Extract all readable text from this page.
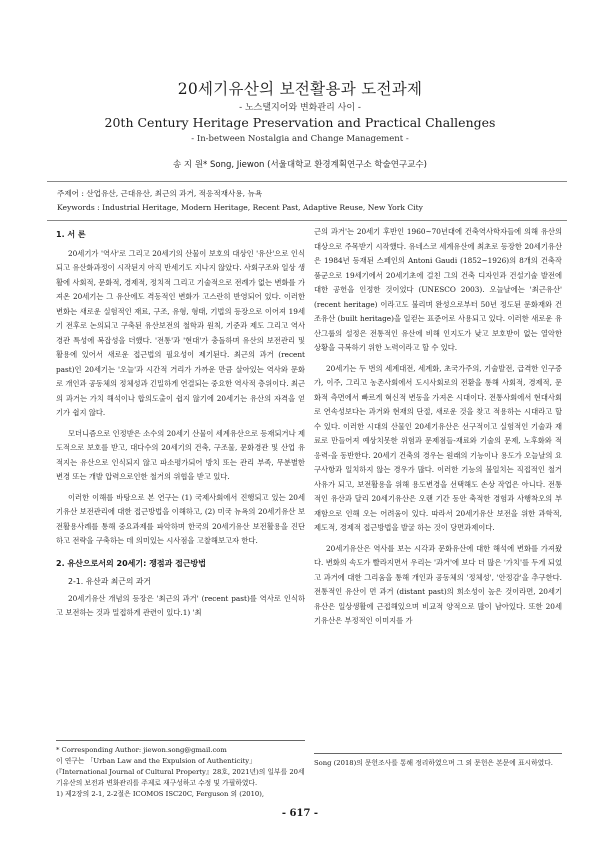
20세기유산의 보전활용과 도전과제
- 노스탤지어와 변화관리 사이 -
20th Century Heritage Preservation and Practical Challenges
- In-between Nostalgia and Change Management -
송 지 원* Song, Jiewon (서울대학교 환경계획연구소 학술연구교수)
주제어 : 산업유산, 근대유산, 최근의 과거, 적응적재사용, 뉴욕
Keywords : Industrial Heritage, Modern Heritage, Recent Past, Adaptive Reuse, New York City
1. 서 론

20세기가 '역사'로 그리고 20세기의 산물이 보호의 대상인 '유산'으로 인식되고 유산화과정이 시작된지 아직 반세기도 지나지 않았다. 사회구조와 일상 생활에 사회적, 문화적, 경제적, 정치적 그리고 기술적으로 전례가 없는 변화를 가져온 20세기는 그 유산에도 격동적인 변화가 고스란히 반영되어 있다. 이러한 변화는 새로운 실험적인 재료, 구조, 유형, 형태, 기법의 등장으로 이어져 19세기 전후로 논의되고 구축된 유산보전의 철학과 원칙, 기준과 제도 그리고 역사경관 특성에 복잡성을 더했다. '전통'과 '현대'가 충돌하며 유산의 보전관리 및 활용에 있어서 새로운 접근법의 필요성이 제기된다. 최근의 과거 (recent past)인 20세기는 '오늘'과 시간적 거리가 가까운 만큼 살아있는 역사와 문화로 개인과 공동체의 정체성과 긴밀하게 연결되는 중요한 역사적 층위이다. 최근의 과거는 가치 해석이나 합의도출이 쉽지 않기에 20세기는 유산의 자격을 얻기가 쉽지 않다.

모더니즘으로 인정받은 소수의 20세기 산물이 세계유산으로 등재되거나 제도적으로 보호를 받고, 대다수의 20세기의 건축, 구조물, 문화경관 및 산업 유적지는 유산으로 인식되지 않고 파소평가되어 방치 또는 관리 부족, 무분별한 변경 또는 개발 압력으로인한 철거의 위협을 받고 있다.

이러한 이해를 바탕으로 본 연구는 (1) 국제사회에서 진행되고 있는 20세기유산 보전관리에 대한 접근방법을 이해하고, (2) 미국 뉴욕의 20세기유산 보전활용사례를 통해 중요과제를 파악하며 한국의 20세기유산 보전활용을 진단하고 전략을 구축하는 데 의미있는 시사점을 고찰해보고자 한다.

2. 유산으로서의 20세기: 쟁점과 접근방법
2-1. 유산과 최근의 과거

20세기유산 개념의 등장은 '최근의 과거' (recent past)를 역사로 인식하고 보전하는 것과 밀접하게 관련이 있다.1) '최

근의 과거'는 20세기 후반인 1960~70년대에 건축역사학자들에 의해 유산의 대상으로 주목받기 시작했다. 유네스코 세계유산에 최초로 등장한 20세기유산은 1984년 등재된 스페인의 Antoni Gaudi (1852~1926)의 8개의 건축작품군으로 19세기에서 20세기초에 걸친 그의 건축 디자인과 건설기술 발전에 대한 공헌을 인정한 것이었다 (UNESCO 2003). 오늘날에는 '최근유산' (recent heritage) 이라고도 불리며 완성으로부터 50년 정도된 문화재와 건조유산 (built heritage)을 일컫는 표준어로 사용되고 있다. 이러한 새로운 유산그룹의 설정은 전통적인 유산에 비해 인지도가 낮고 보호받이 없는 열악한 상황을 극복하기 위한 노력이라고 할 수 있다.

20세기는 두 번의 세계대전, 세계화, 초국가주의, 기술발전, 급격한 인구증가, 이주, 그리고 농촌사회에서 도시사회로의 전환을 통해 사회적, 경제적, 문화적 측면에서 빠르게 혁신적 변동을 가져온 시대이다. 전통사회에서 현대사회로 연속성보다는 과거와 현재의 단절, 새로운 것을 찾고 적용하는 시대라고 할 수 있다. 이러한 시대의 산물인 20세기유산은 선구적이고 실험적인 기술과 재료로 만들어져 예상치못한 위험과 문제점들-재료와 기술의 문제, 노후화와 적응력-을 동반한다. 20세기 건축의 경우는 원래의 기능이나 용도가 오늘날의 요구사항과 일치하지 않는 경우가 많다. 이러한 기능의 불일치는 직접적인 철거사유가 되고, 보전활용을 위해 용도변경을 선택해도 손상 작업은 아니다. 전통적인 유산과 달리 20세기유산은 오랜 기간 동안 축적한 경험과 사행착오의 부재함으로 인해 오는 어려움이 있다. 따라서 20세기유산 보전을 위한 과학적, 제도적, 경제적 접근방법을 발굴 하는 것이 당면과제이다.

20세기유산은 역사를 보는 시각과 문화유산에 대한 해석에 변화를 가져왔다. 변화의 속도가 빨라지면서 우리는 '과거'에 보다 더 많은 '가치'를 두게 되었고 과거에 대한 그리움을 통해 개인과 공동체의 '정체성', '안정감'을 추구한다. 전통적인 유산이 먼 과거 (distant past)의 희소성이 높은 것이라면, 20세기유산은 일상생활에 근접해있으며 비교적 양적으로 많이 남아있다. 또한 20세기유산은 부정적인 이미지를 가

* Corresponding Author: jiewon.song@gmail.com
이 연구는 「Urban Law and the Expulsion of Authenticity」 (『International Journal of Cultural Property』28호, 2021년)의 일부를 20세기유산의 보전과 변화관리를 주제로 재구성하고 수정 및 가필하였다.
1) 제2장의 2-1, 2-2절은 ICOMOS ISC20C, Ferguson 외 (2010),
Song (2018)의 문헌조사를 통해 정리하였으며 그 외 문헌은 본문에 표시하였다.
- 617 -
